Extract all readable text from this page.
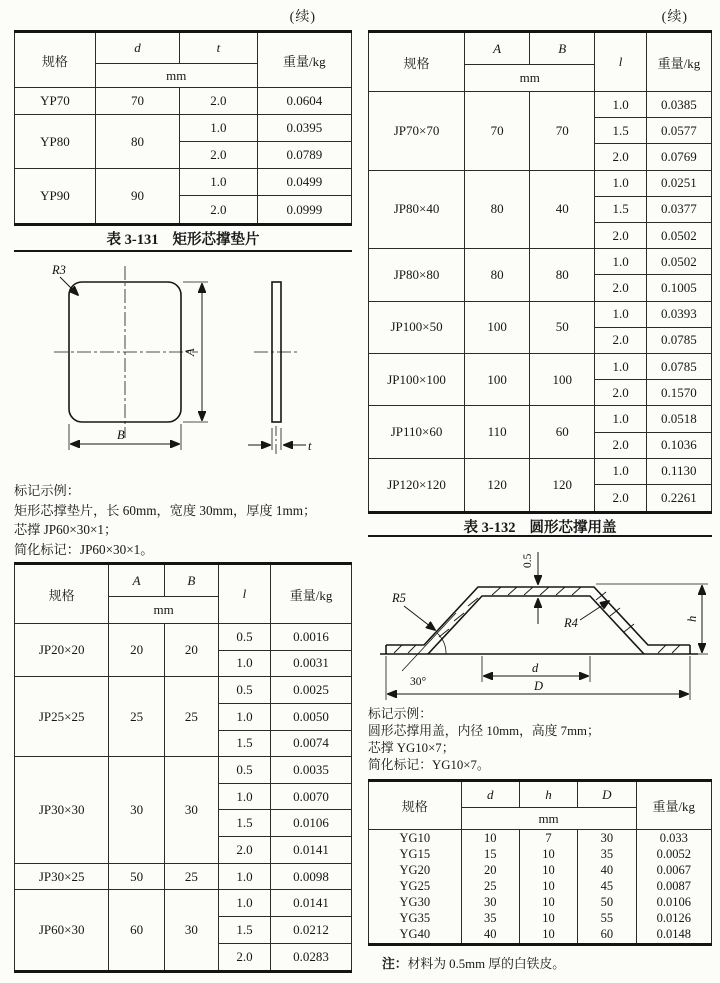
(续)
规格	d	t	重量/kg
	mm		
YP70	70	2.0	0.0604
YP80	80	1.0	0.0395
		2.0	0.0789
YP90	90	1.0	0.0499
		2.0	0.0999
表 3-131 矩形芯撑垫片
R3
A
B
t
标记示例：
矩形芯撑垫片，长 60mm，宽度 30mm，厚度 1mm；
芯撑 JP60×30×1；
简化标记：JP60×30×1。
规格	A	B	l	重量/kg
	mm			
JP20×20	20	20	0.5	0.0016
			1.0	0.0031
JP25×25	25	25	0.5	0.0025
			1.0	0.0050
			1.5	0.0074
JP30×30	30	30	0.5	0.0035
			1.0	0.0070
			1.5	0.0106
			2.0	0.0141
JP30×25	50	25	1.0	0.0098
JP60×30	60	30	1.0	0.0141
			1.5	0.0212
			2.0	0.0283
(续)
规格	A	B	l	重量/kg
	mm			
JP70×70	70	70	1.0	0.0385
			1.5	0.0577
			2.0	0.0769
JP80×40	80	40	1.0	0.0251
			1.5	0.0377
			2.0	0.0502
JP80×80	80	80	1.0	0.0502
			2.0	0.1005
JP100×50	100	50	1.0	0.0393
			2.0	0.0785
JP100×100	100	100	1.0	0.0785
			2.0	0.1570
JP110×60	110	60	1.0	0.0518
			2.0	0.1036
JP120×120	120	120	1.0	0.1130
			2.0	0.2261
表 3-132 圆形芯撑用盖
0.5
R5
R4
30°
d
D
h
标记示例：
圆形芯撑用盖，内径 10mm，高度 7mm；
芯撑 YG10×7；
简化标记：YG10×7。
规格	d	h	D	重量/kg
	mm			
YG10	10	7	30	0.033
YG15	15	10	35	0.0052
YG20	20	10	40	0.0067
YG25	25	10	45	0.0087
YG30	30	10	50	0.0106
YG35	35	10	55	0.0126
YG40	40	10	60	0.0148
注：材料为 0.5mm 厚的白铁皮。
